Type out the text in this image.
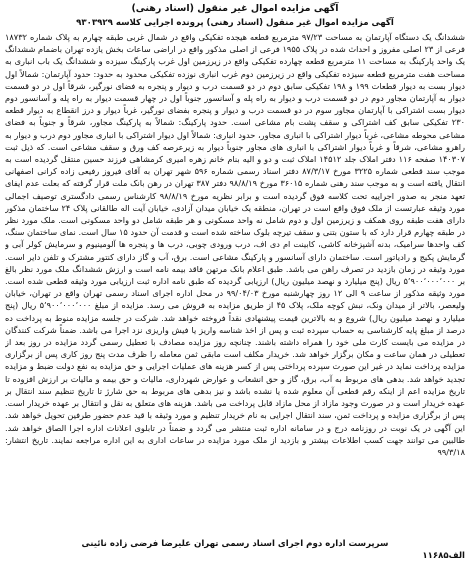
آگهی مزایده اموال غیر منقول (اسناد رهنی)
آگهی مزایده اموال غیر منقول (اسناد رهنی) پرونده اجرایی کلاسه ۹۳۰۳۹۲۹

ششدانگ یک دستگاه آپارتمان به مساحت ۹۷/۲۳ مترمربع قطعه هیجده تفکیکی واقع در شمال غربی طبقه چهارم به پلاک شماره ۱۸۷۳۲ فرعی از ۲۳ اصلی مفروز و احداث شده در پلاک ۱۹۵۵ فرعی از اصلی مذکور واقع در اراضی ساعات بخش یازده تهران باضمام ششدانگ یک واحد پارکینگ به مساحت ۱۱ مترمربع قطعه چهارده تفکیکی واقع در زیرزمین اول غرب پارکینگ سیزده و ششدانگ یک باب انباری به مساحت هفت مترمربع قطعه سیزده تفکیکی واقع در زیرزمین دوم غرب انباری نوزده تفکیکی محدود به حدود: حدود آپارتمان: شمالاً اول دیوار بست به دیوار قطعات ۱۹۹ و ۱۹۸ تفکیکی سابق دوم در دو قسمت درب و دیوار و پنجره به فضای نورگیر، شرقاً اول در دو قسمت دیوار به آپارتمان مجاور دوم در دو قسمت درب و دیوار به راه پله و آسانسور جنوباً اول در چهار قسمت دیوار به راه پله و آسانسور دوم دیوار بست اشتراکی با آپارتمان مجاور سوم در دو قسمت درب و دیوار و پنجره بفضای نورگیر، غرباً دیوار و درز انقطاع به دیوار قطعه ۲۳۰ تفکیکی سابق کف اشتراکی و سقف پشت بام مشاعی است. حدود پارکینگ: شمالاً به پارکینگ مجاور، شرقاً و جنوباً به فضای مشاعی محوطه مشاعی، غرباً دیوار اشتراکی با انباری مجاور، حدود انباری: شمالاً اول دیوار اشتراکی با انباری مجاور دوم درب و دیوار به راهرو مشاعی، شرقاً و غرباً دیوار اشتراکی با انباری های مجاور جنوباً دیوار به زیرعرصه کف ورق و سقف مشاعی است. که ذیل ثبت ۱۴۰۳۰۷ صفحه ۱۱۶ دفتر املاک جلد ۱۴۵۱۲ املاک ثبت و دو و الیه بنام خانم زهره امیری کرمشاهی فرزند حسین منتقل گردیده است به موجب سند قطعی شماره ۳۲۲۵ مورخ ۸۷/۳/۱۷ دفتر اسناد رسمی شماره ۵۹۶ شهر تهران به آقای فیروز رفیعی زاده کرانی اصفهانی انتقال یافته است و به موجب سند رهنی شماره ۳۶۰۱۵ مورخ ۹۸/۸/۱۹ دفتر ۳۸۷ تهران در رهن بانک ملت قرار گرفته که بعلت عدم ایفای تعهد منجر به صدور اجراییه تحت کلاسه فوق گردیده است و برابر نظریه مورخ ۹۸/۸/۱۹ کارشناس رسمی دادگستری توصیف اجمالی مورد وثیقه عبارتست از ملک فوق واقع است در تهران، منطقه یک خیابان میدان آزادی، خیابان آیت اله طالقانی پلاک ۲۴ ساختمان مذکور دارای هفت طبقه روی همکف و زیرزمین اول و دوم شامل نه واحد مسکونی و هر طبقه شامل دو واحد مسکونی است. ملک مورد نظر در طبقه چهارم قرار دارد که با ستون بتنی و سقف تیرچه بلوک ساخته شده است و قدمت آن حدود ۱۵ سال است. نمای ساختمان سنگ، کف واحدها سرامیک، بدنه آشپزخانه کاشی، کابینت ام دی اف، درب ورودی چوبی، درب ها و پنجره ها آلومینیوم و سرمایش کولر آبی و گرمایش پکیج و رادیاتور است. ساختمان دارای آسانسور و پارکینگ مشاعی است. برق، آب و گاز دارای کنتور مشترک و تلفن دایر است. مورد وثیقه در زمان بازدید در تصرف راهن می باشد. طبق اعلام بانک مرتهن فاقد بیمه نامه است و ارزش ششدانگ ملک مورد نظر بالغ بر ۵٬۹۰۰٬۰۰۰٬۰۰۰ ریال (پنج میلیارد و نهصد میلیون ریال) ارزیابی گردیده که طبق نامه اداره ثبت ارزیابی مورد وثیقه قطعی شده است. مورد وثیقه مذکور از ساعت ۹ الی ۱۲ روز چهارشنبه مورخ ۹۹/۰۴/۰۳ در محل اداره اجرای اسناد رسمی تهران واقع در تهران، خیابان ولیعصر، بالاتر از میدان ونک، نبش کوچه ملک، پلاک ۴۵ از طریق مزایده به فروش می رسد. مزایده از مبلغ ۵٬۹۰۰٬۰۰۰٬۰۰۰ ریال (پنج میلیارد و نهصد میلیون ریال) شروع و به بالاترین قیمت پیشنهادی نقداً فروخته خواهد شد. شرکت در جلسه مزایده منوط به پرداخت ده درصد از مبلغ پایه کارشناسی به حساب سپرده ثبت و پس از اخذ شناسه واریز یا فیش واریزی نزد اجرا می باشد. ضمناً شرکت کنندگان در مزایده می بایست کارت ملی خود را همراه داشته باشند. چنانچه روز مزایده مصادف با تعطیل رسمی گردد مزایده در روز بعد از تعطیلی در همان ساعت و مکان برگزار خواهد شد. خریدار مکلف است مابقی ثمن معامله را ظرف مدت پنج روز کاری پس از برگزاری مزایده پرداخت نماید در غیر این صورت سپرده پرداختی پس از کسر هزینه های عملیات اجرایی و حق مزایده به نفع دولت ضبط و مزایده تجدید خواهد شد. بدهی های مربوط به آب، برق، گاز و حق انشعاب و عوارض شهرداری، مالیات و حق بیمه و مالیات بر ارزش افزوده تا تاریخ مزایده اعم از اینکه رقم قطعی آن معلوم شده یا نشده باشد و نیز بدهی های مربوط به حق شارژ تا تاریخ تنظیم سند انتقال بر عهده خریدار است و در صورت وجود مازاد از محل مازاد قابل پرداخت می باشد. هزینه های متعلق به نقل و انتقال بر عهده خریدار است. پس از برگزاری مزایده و پرداخت ثمن، سند انتقال اجرایی به نام خریدار تنظیم و مورد وثیقه با قید عدم حضور طرفین تحویل خواهد شد. این آگهی در یک نوبت در روزنامه درج و در سامانه اداره ثبت منتشر می گردد و ضمناً در تابلوی اعلانات اداره اجرا الصاق خواهد شد. طالبین می توانند جهت کسب اطلاعات بیشتر و بازدید از ملک مورد مزایده در ساعات اداری به این اداره مراجعه نمایند. تاریخ انتشار: ۹۹/۳/۱۸

سرپرست اداره دوم اجرای اسناد رسمی تهران علیرضا فرضی زاده نائینی
الف۱۱۶۸۵
